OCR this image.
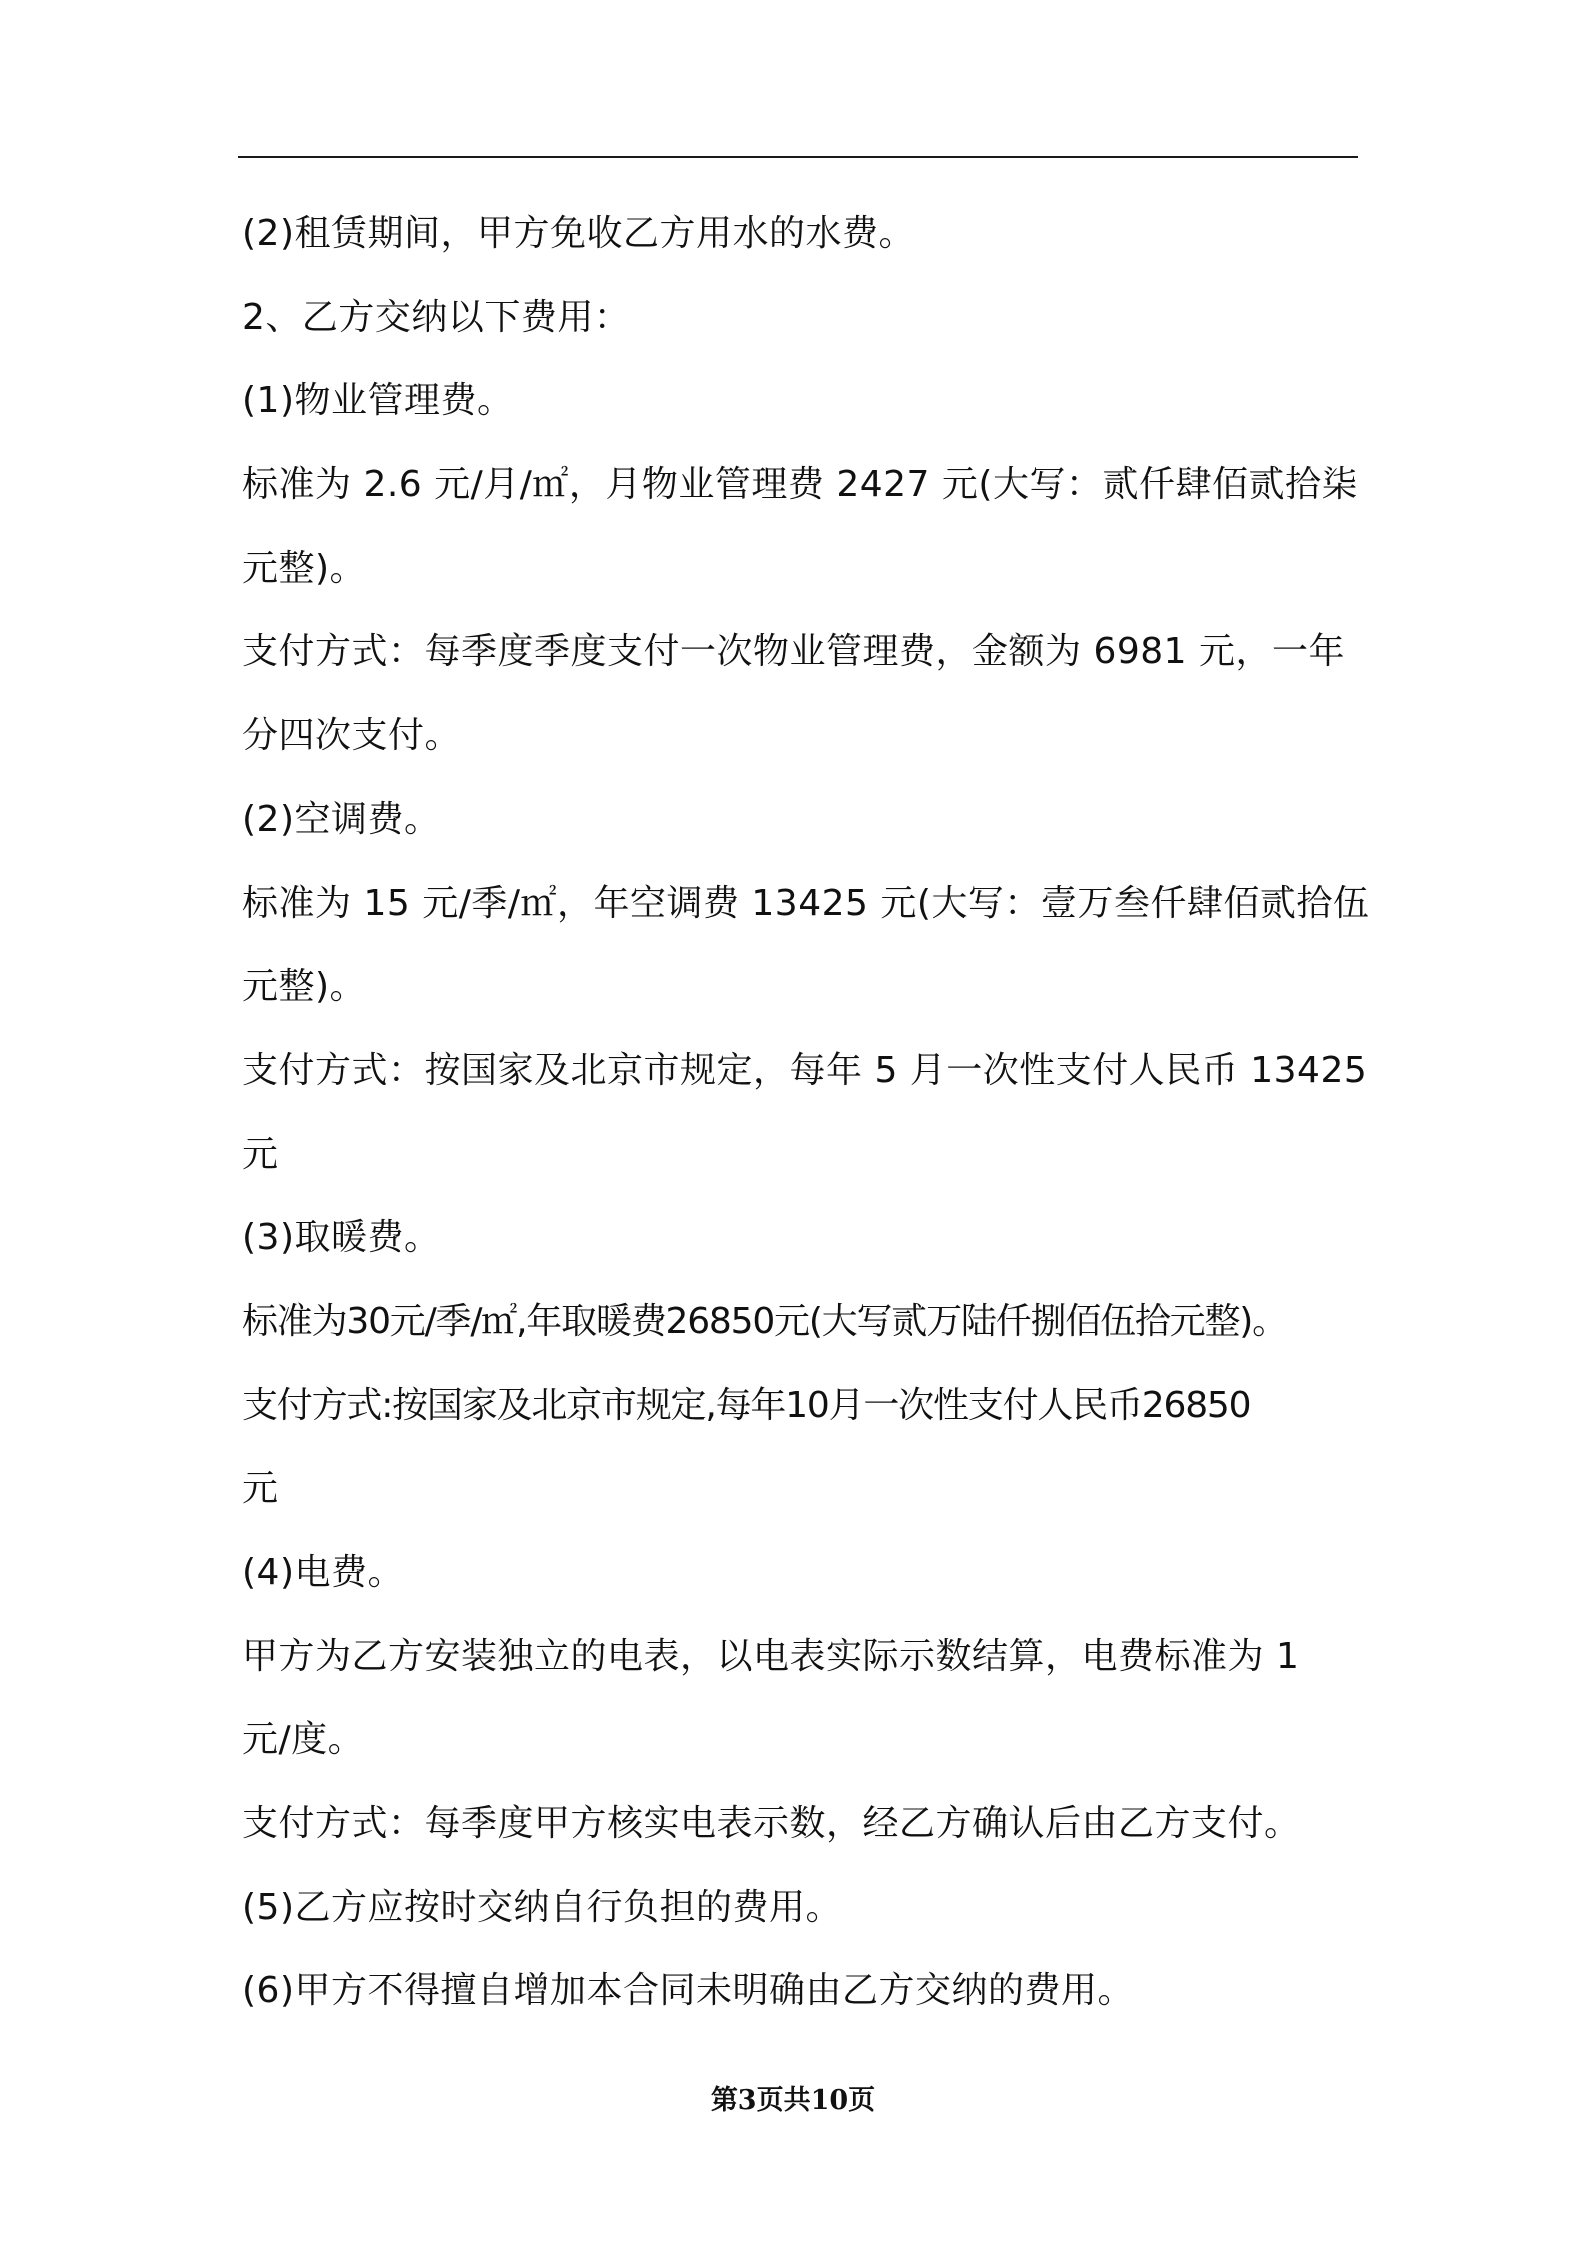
(2)租赁期间，甲方免收乙方用水的水费。
2、乙方交纳以下费用：
(1)物业管理费。
标准为 2.6 元/月/㎡，月物业管理费 2427 元(大写：贰仟肆佰贰拾柒
元整)。
支付方式：每季度季度支付一次物业管理费，金额为 6981 元，一年
分四次支付。
(2)空调费。
标准为 15 元/季/㎡，年空调费 13425 元(大写：壹万叁仟肆佰贰拾伍
元整)。
支付方式：按国家及北京市规定，每年 5 月一次性支付人民币 13425
元
(3)取暖费。
标准为30元/季/㎡,年取暖费26850元(大写贰万陆仟捌佰伍拾元整)。
支付方式:按国家及北京市规定,每年10月一次性支付人民币26850
元
(4)电费。
甲方为乙方安装独立的电表，以电表实际示数结算，电费标准为 1
元/度。
支付方式：每季度甲方核实电表示数，经乙方确认后由乙方支付。
(5)乙方应按时交纳自行负担的费用。
(6)甲方不得擅自增加本合同未明确由乙方交纳的费用。
第3页共10页
